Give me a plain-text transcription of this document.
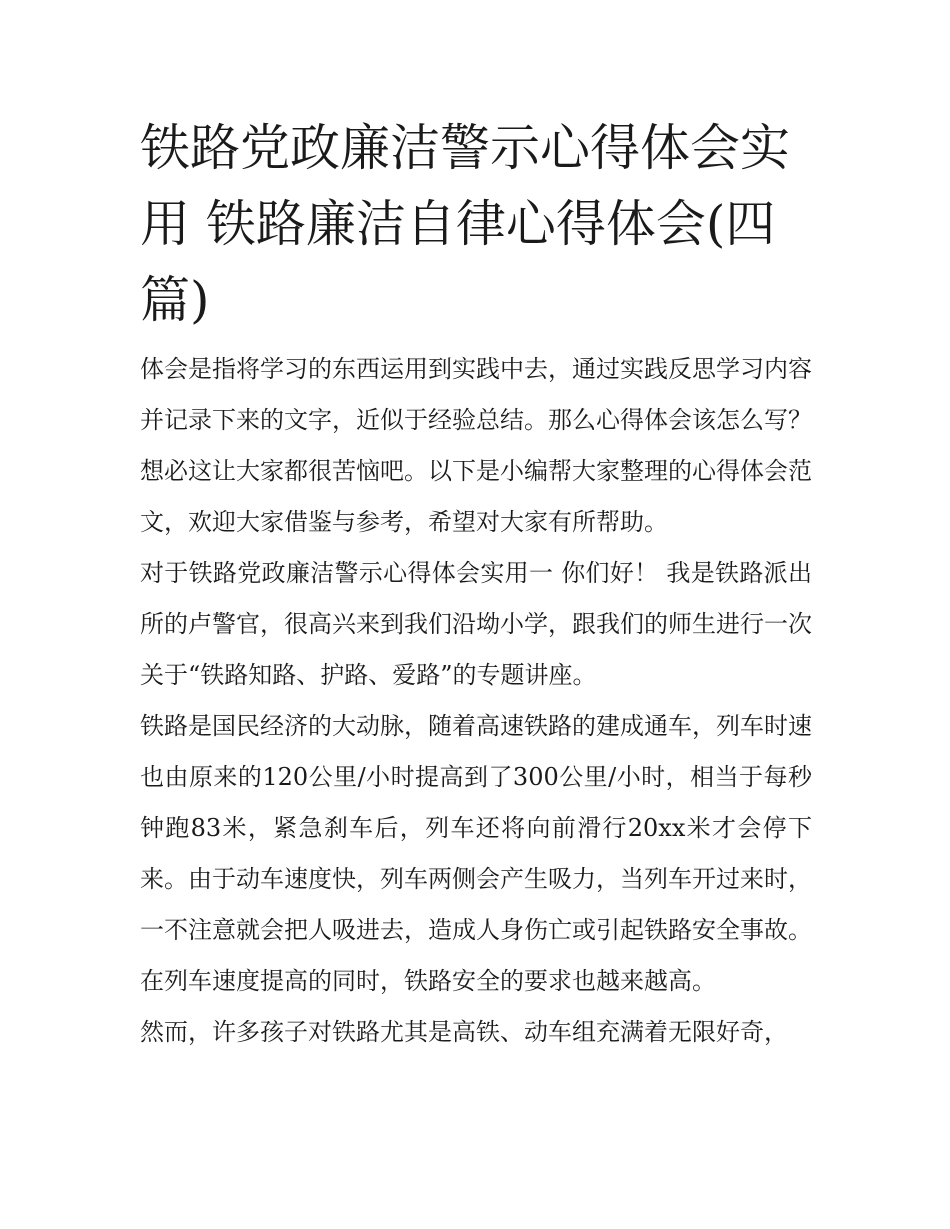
铁路党政廉洁警示心得体会实用 铁路廉洁自律心得体会(四篇)

体会是指将学习的东西运用到实践中去，通过实践反思学习内容并记录下来的文字，近似于经验总结。那么心得体会该怎么写？想必这让大家都很苦恼吧。以下是小编帮大家整理的心得体会范文，欢迎大家借鉴与参考，希望对大家有所帮助。

对于铁路党政廉洁警示心得体会实用一 你们好！ 我是铁路派出所的卢警官，很高兴来到我们沿坳小学，跟我们的师生进行一次关于“铁路知路、护路、爱路”的专题讲座。

铁路是国民经济的大动脉，随着高速铁路的建成通车，列车时速也由原来的120公里/小时提高到了300公里/小时，相当于每秒钟跑83米，紧急刹车后，列车还将向前滑行20xx米才会停下来。由于动车速度快，列车两侧会产生吸力，当列车开过来时，一不注意就会把人吸进去，造成人身伤亡或引起铁路安全事故。在列车速度提高的同时，铁路安全的要求也越来越高。

然而，许多孩子对铁路尤其是高铁、动车组充满着无限好奇，
